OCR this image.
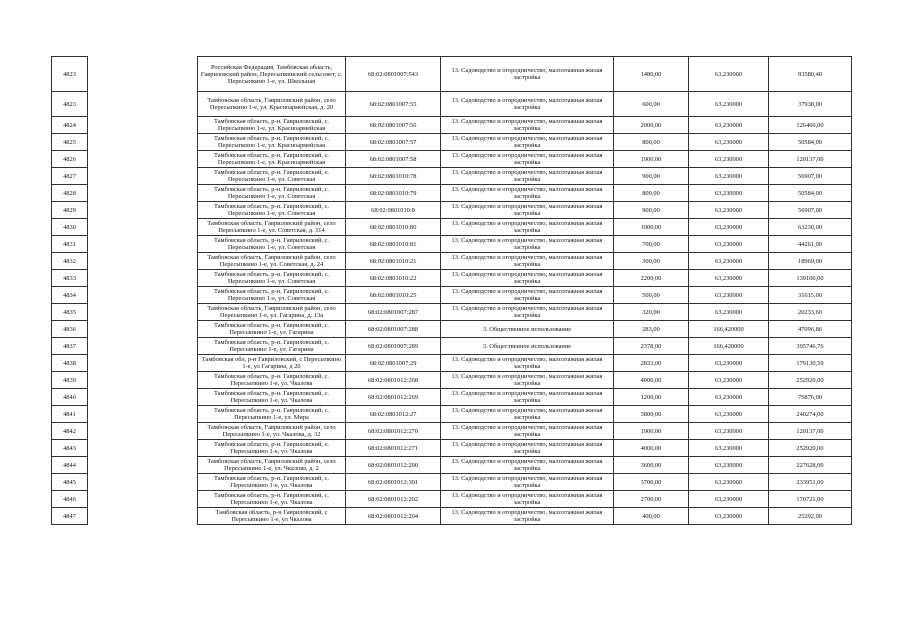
4823		Российская Федерация, Тамбовская область, Гавриловский район, Пересыпкинский сельсовет, с. Пересыпкино 1-е, ул. Школьная	68:02:0801007:543	13. Садоводство и огородничество, малоэтажная жилая застройка	1480,00	63,230000	93580,40
4823		Тамбовская область, Гавриловский район, село Пересыпкино 1-е, ул. Красноармейская, д. 20	68:02:0801007:55	13. Садоводство и огородничество, малоэтажная жилая застройка	600,00	63,230000	37938,00
4824		Тамбовская область, р-н. Гавриловский, с. Пересыпкино 1-е, ул. Красноармейская	68:02:0801007:56	13. Садоводство и огородничество, малоэтажная жилая застройка	2000,00	63,230000	126460,00
4825		Тамбовская область, р-н. Гавриловский, с. Пересыпкино 1-е, ул. Красноармейская	68:02:0801007:57	13. Садоводство и огородничество, малоэтажная жилая застройка	800,00	63,230000	50584,00
4826		Тамбовская область, р-н. Гавриловский, с. Пересыпкино 1-е, ул. Красноармейская	68:02:0801007:58	13. Садоводство и огородничество, малоэтажная жилая застройка	1900,00	63,230000	120137,00
4827		Тамбовская область, р-н. Гавриловский, с. Пересыпкино 1-е, ул. Советская	68:02:0801010:78	13. Садоводство и огородничество, малоэтажная жилая застройка	900,00	63,230000	56907,00
4828		Тамбовская область, р-н. Гавриловский, с. Пересыпкино 1-е, ул. Советская	68:02:0801010:79	13. Садоводство и огородничество, малоэтажная жилая застройка	800,00	63,230000	50584,00
4829		Тамбовская область, р-н. Гавриловский, с. Пересыпкино 1-е, ул. Советская	68:02:0801010:8	13. Садоводство и огородничество, малоэтажная жилая застройка	900,00	63,230000	56907,00
4830		Тамбовская область, Гавриловский район, село Пересыпкино 1-е, ул. Советская, д. 114	68:02:0801010:80	13. Садоводство и огородничество, малоэтажная жилая застройка	1000,00	63,230000	63230,00
4831		Тамбовская область, р-н. Гавриловский, с. Пересыпкино 1-е, ул. Советская	68:02:0801010:81	13. Садоводство и огородничество, малоэтажная жилая застройка	700,00	63,230000	44261,00
4832		Тамбовская область, Гавриловский район, село Пересыпкино 1-е, ул. Советская, д. 24	68:02:0801010:21	13. Садоводство и огородничество, малоэтажная жилая застройка	300,00	63,230000	18969,00
4833		Тамбовская область, р-н. Гавриловский, с. Пересыпкино 1-е, ул. Советская	68:02:0801010:22	13. Садоводство и огородничество, малоэтажная жилая застройка	2200,00	63,230000	139106,00
4834		Тамбовская область, р-н. Гавриловский, с. Пересыпкино 1-е, ул. Советская	68:02:0801010:25	13. Садоводство и огородничество, малоэтажная жилая застройка	500,00	63,230000	31615,00
4835		Тамбовская область, Гавриловский район, село Пересыпкино 1-е, ул. Гагарина, д. 13а	68:02:0801007:287	13. Садоводство и огородничество, малоэтажная жилая застройка	320,00	63,230000	20233,60
4836		Тамбовская область, р-н. Гавриловский, с. Пересыпкино 1-е, ул. Гагарина	68:02:0801007:288	3. Общественное использование	283,00	166,420000	47096,86
4837		Тамбовская область, р-н. Гавриловский, с. Пересыпкино 1-е, ул. Гагарина	68:02:0801007:289	3. Общественное использование	2378,00	166,420000	395746,76
4838		Тамбовская обл, р-н Гавриловский, с Пересыпкино 1-е, ул Гагарина, д 20	68:02:0801007:29	13. Садоводство и огородничество, малоэтажная жилая застройка	2833,00	63,230000	179130,59
4839		Тамбовская область, р-н. Гавриловский, с. Пересыпкино 1-е, ул. Чкалова	68:02:0801012:268	13. Садоводство и огородничество, малоэтажная жилая застройка	4000,00	63,230000	252920,00
4840		Тамбовская область, р-н. Гавриловский, с. Пересыпкино 1-е, ул. Чкалова	68:02:0801012:269	13. Садоводство и огородничество, малоэтажная жилая застройка	1200,00	63,230000	75876,00
4841		Тамбовская область, р-н. Гавриловский, с. Пересыпкино 1-е, ул. Мира	68:02:0801012:27	13. Садоводство и огородничество, малоэтажная жилая застройка	3800,00	63,230000	240274,00
4842		Тамбовская область, Гавриловский район, село Пересыпкино 1-е, ул. Чкалова, д. 32	68:02:0801012:270	13. Садоводство и огородничество, малоэтажная жилая застройка	1900,00	63,230000	120137,00
4843		Тамбовская область, р-н. Гавриловский, с. Пересыпкино 1-е, ул. Чкалова	68:02:0801012:271	13. Садоводство и огородничество, малоэтажная жилая застройка	4000,00	63,230000	252920,00
4844		Тамбовская область, Гавриловский район, село Пересыпкино 1-е, ул. Чкалова, д. 2	68:02:0801012:200	13. Садоводство и огородничество, малоэтажная жилая застройка	3600,00	63,230000	227628,00
4845		Тамбовская область, р-н. Гавриловский, с. Пересыпкино 1-е, ул. Чкалова	68:02:0801012:301	13. Садоводство и огородничество, малоэтажная жилая застройка	3700,00	63,230000	233951,00
4846		Тамбовская область, р-н. Гавриловский, с. Пересыпкино 1-е, ул. Чкалова	68:02:0801012:202	13. Садоводство и огородничество, малоэтажная жилая застройка	2700,00	63,230000	170721,00
4847		Тамбовская область, р-н Гавриловский, с Пересыпкино 1-е, ул Чкалова	68:02:0801012:204	13. Садоводство и огородничество, малоэтажная жилая застройка	400,00	63,230000	25292,00
